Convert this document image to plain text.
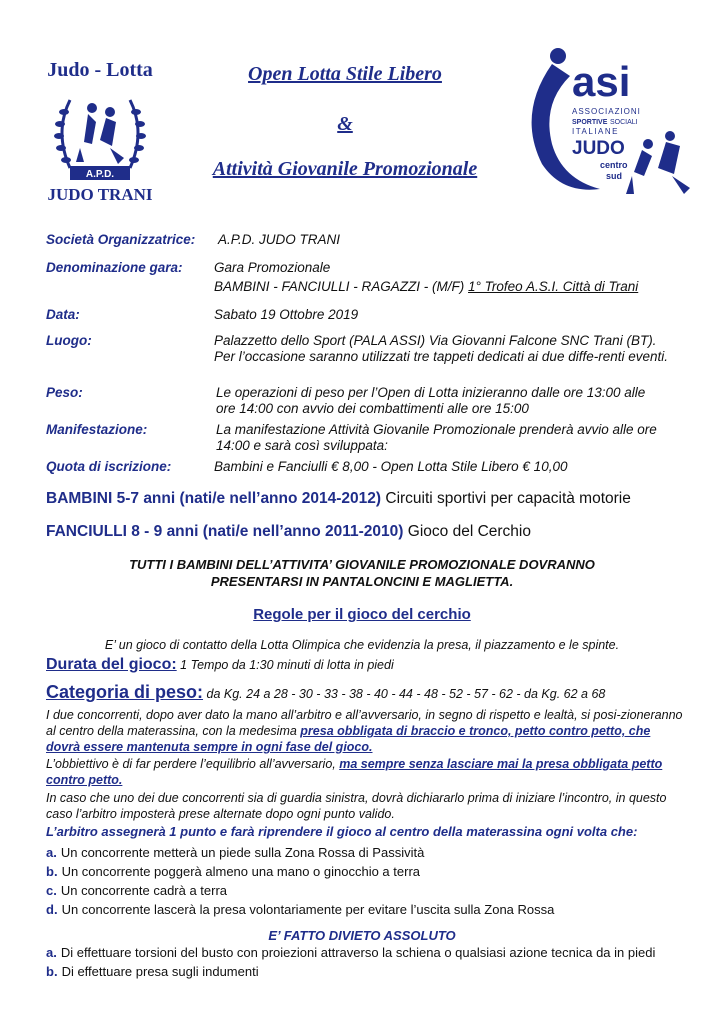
Judo - Lotta
A.P.D.
JUDO TRANI
Open Lotta Stile Libero
&
Attività Giovanile Promozionale
asi
ASSOCIAZIONI
SPORTIVE SOCIALI
ITALIANE
JUDO
centro
sud
Società Organizzatrice: A.P.D. JUDO TRANI
Denominazione gara: Gara Promozionale
BAMBINI - FANCIULLI - RAGAZZI - (M/F) 1° Trofeo A.S.I. Città di Trani
Data:	Sabato 19 Ottobre 2019
Luogo:	Palazzetto dello Sport (PALA ASSI) Via Giovanni Falcone SNC Trani (BT). Per l’occasione saranno utilizzati tre tappeti dedicati ai due diffe-renti eventi.
Peso:	Le operazioni di peso per l’Open di Lotta inizieranno dalle ore 13:00 alle ore 14:00 con avvio dei combattimenti alle ore 15:00
Manifestazione:	La manifestazione Attività Giovanile Promozionale prenderà avvio alle ore 14:00 e sarà così sviluppata:
Quota di iscrizione:	Bambini e Fanciulli € 8,00 - Open Lotta Stile Libero € 10,00
BAMBINI 5-7 anni (nati/e nell’anno 2014-2012) Circuiti sportivi per capacità motorie
FANCIULLI 8 - 9 anni (nati/e nell’anno 2011-2010) Gioco del Cerchio
TUTTI I BAMBINI DELL’ATTIVITA’ GIOVANILE PROMOZIONALE DOVRANNO
PRESENTARSI IN PANTALONCINI E MAGLIETTA.
Regole per il gioco del cerchio
E’ un gioco di contatto della Lotta Olimpica che evidenzia la presa, il piazzamento e le spinte.
Durata del gioco: 1 Tempo da 1:30 minuti di lotta in piedi
Categoria di peso: da Kg. 24 a 28 - 30 - 33 - 38 - 40 - 44 - 48 - 52 - 57 - 62 - da Kg. 62 a 68
I due concorrenti, dopo aver dato la mano all’arbitro e all’avversario, in segno di rispetto e lealtà, si posi-zioneranno al centro della materassina, con la medesima presa obbligata di braccio e tronco, petto contro petto, che dovrà essere mantenuta sempre in ogni fase del gioco.
L’obbiettivo è di far perdere l’equilibrio all’avversario, ma sempre senza lasciare mai la presa obbligata petto contro petto.
In caso che uno dei due concorrenti sia di guardia sinistra, dovrà dichiararlo prima di iniziare l’incontro, in questo caso l’arbitro imposterà prese alternate dopo ogni punto valido.
L’arbitro assegnerà 1 punto e farà riprendere il gioco al centro della materassina ogni volta che:
a. Un concorrente metterà un piede sulla Zona Rossa di Passività
b. Un concorrente poggerà almeno una mano o ginocchio a terra
c. Un concorrente cadrà a terra
d. Un concorrente lascerà la presa volontariamente per evitare l’uscita sulla Zona Rossa
E’ FATTO DIVIETO ASSOLUTO
a. Di effettuare torsioni del busto con proiezioni attraverso la schiena o qualsiasi azione tecnica da in piedi
b. Di effettuare presa sugli indumenti
